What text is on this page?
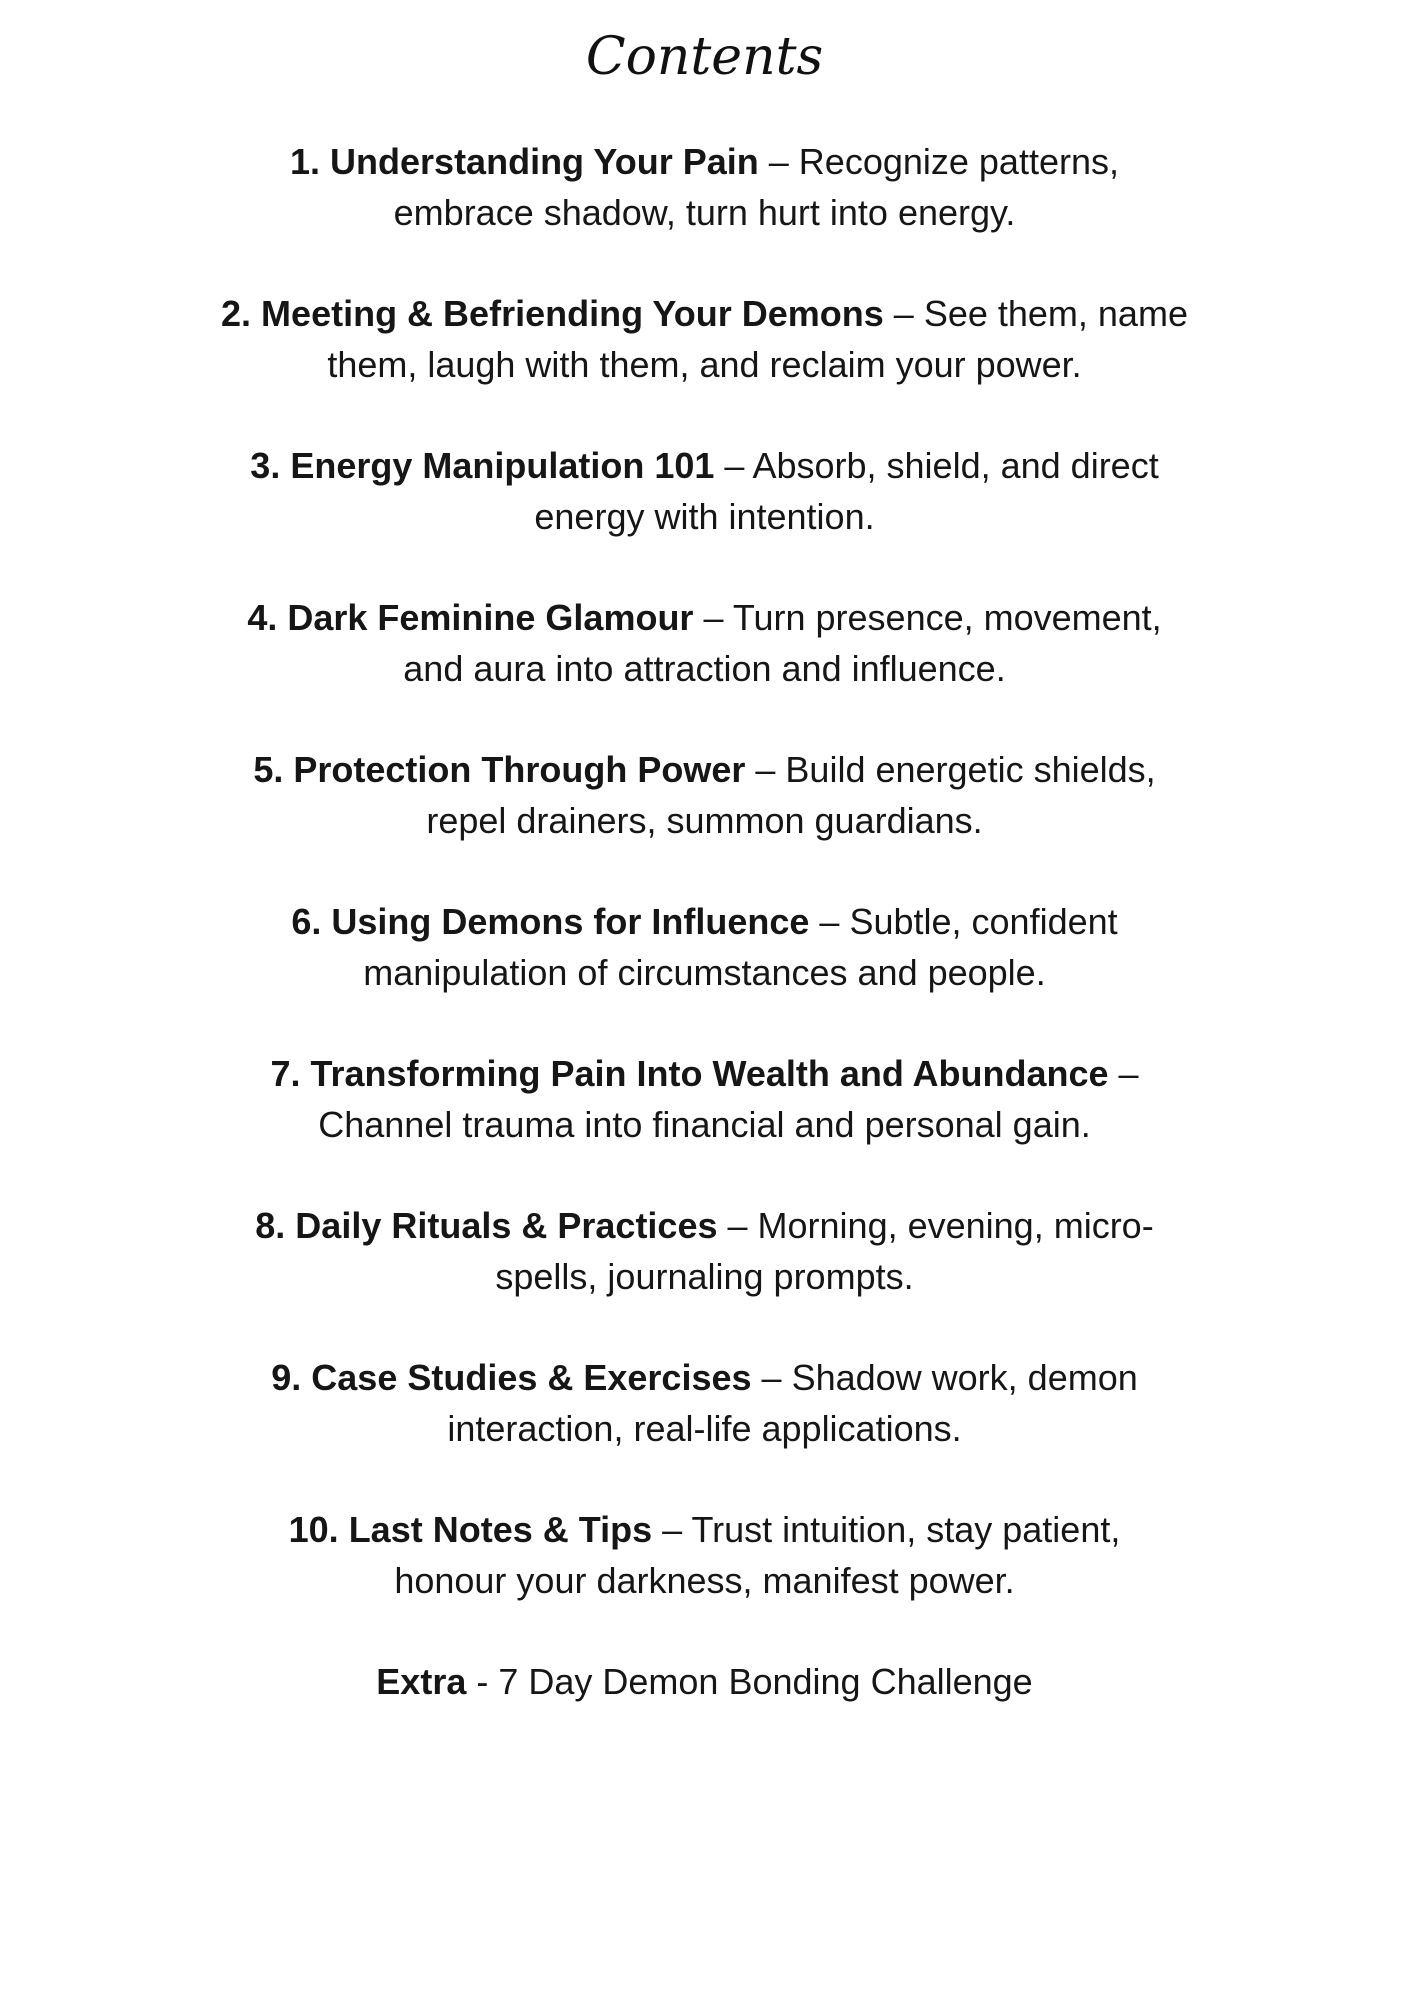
Contents
1. Understanding Your Pain – Recognize patterns,
embrace shadow, turn hurt into energy.
2. Meeting & Befriending Your Demons – See them, name
them, laugh with them, and reclaim your power.
3. Energy Manipulation 101 – Absorb, shield, and direct
energy with intention.
4. Dark Feminine Glamour – Turn presence, movement,
and aura into attraction and influence.
5. Protection Through Power – Build energetic shields,
repel drainers, summon guardians.
6. Using Demons for Influence – Subtle, confident
manipulation of circumstances and people.
7. Transforming Pain Into Wealth and Abundance –
Channel trauma into financial and personal gain.
8. Daily Rituals & Practices – Morning, evening, micro-
spells, journaling prompts.
9. Case Studies & Exercises – Shadow work, demon
interaction, real-life applications.
10. Last Notes & Tips – Trust intuition, stay patient,
honour your darkness, manifest power.
Extra - 7 Day Demon Bonding Challenge
